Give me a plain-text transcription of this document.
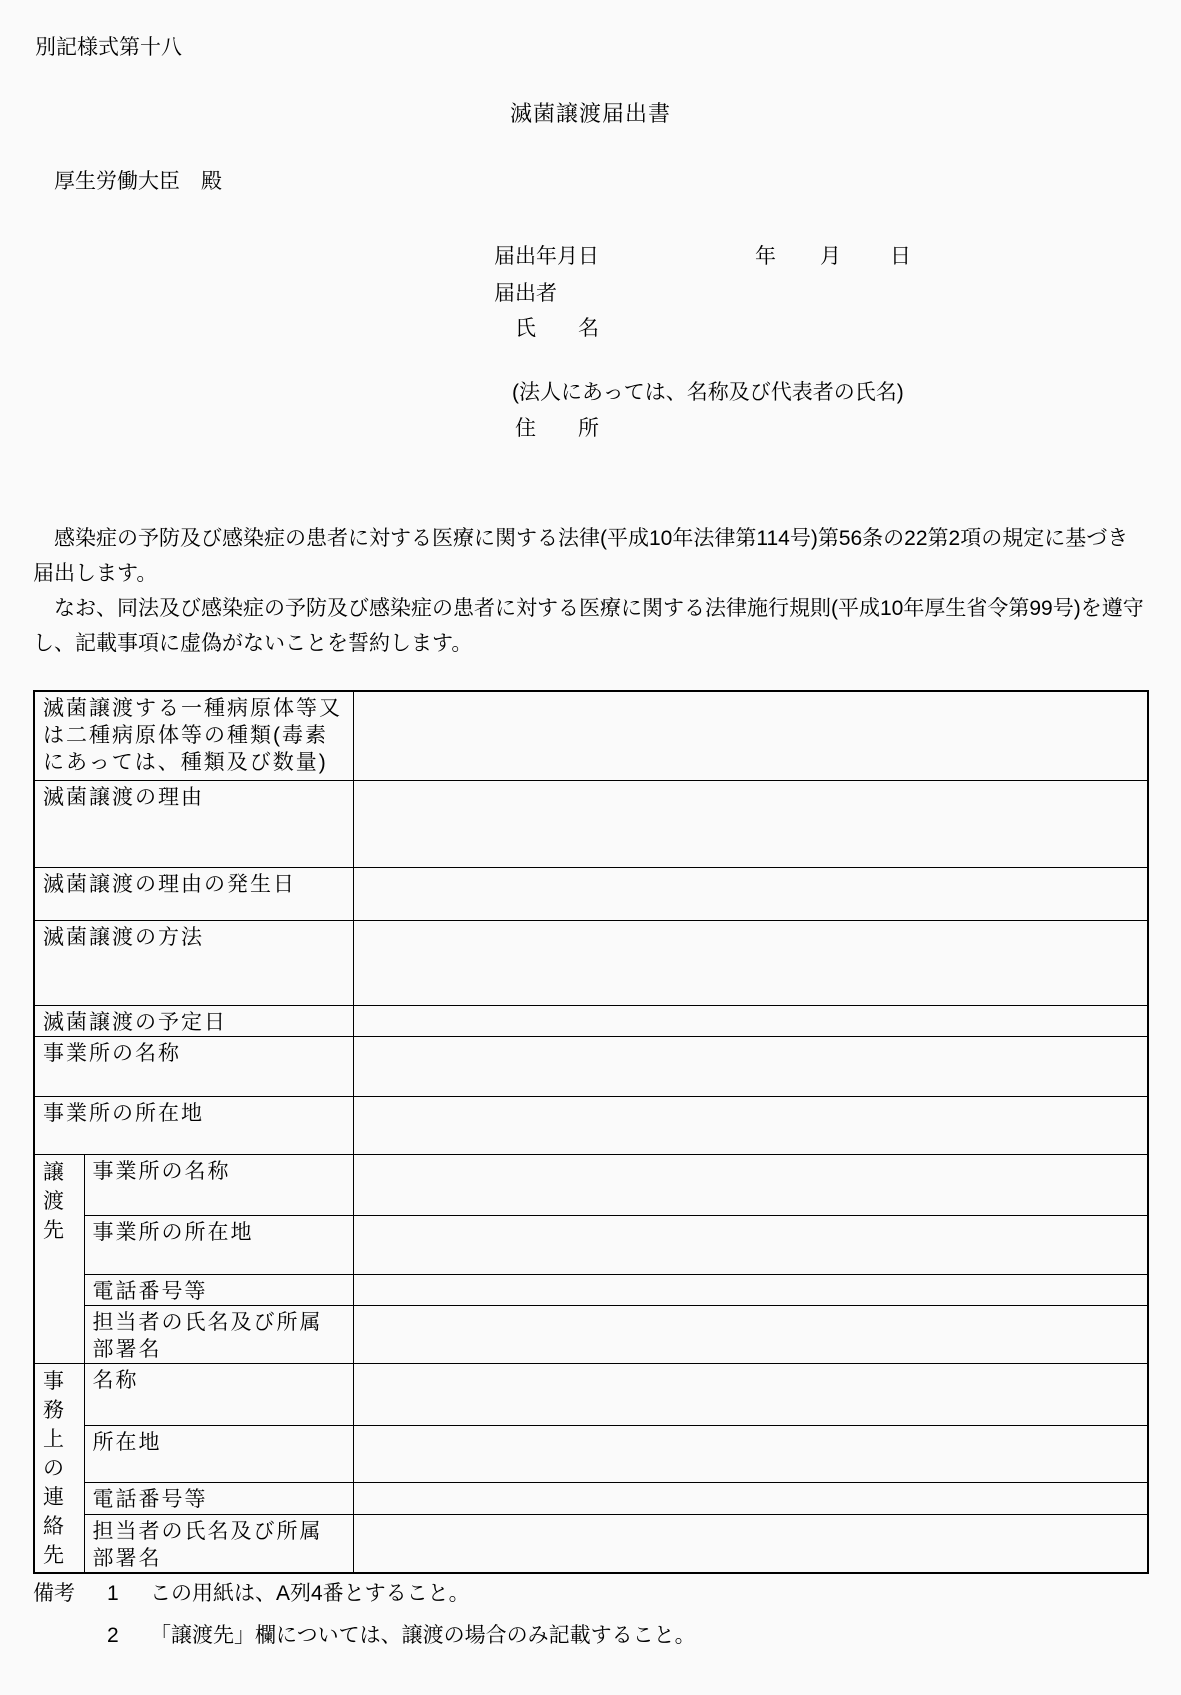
別記様式第十八
滅菌譲渡届出書
厚生労働大臣　殿
届出年月日	年 月 日
届出者
氏　　名
(法人にあっては、名称及び代表者の氏名)
住　　所

感染症の予防及び感染症の患者に対する医療に関する法律(平成10年法律第114号)第56条の22第2項の規定に基づき届出します。

なお、同法及び感染症の予防及び感染症の患者に対する医療に関する法律施行規則(平成10年厚生省令第99号)を遵守し、記載事項に虚偽がないことを誓約します。

滅菌譲渡する一種病原体等又は二種病原体等の種類(毒素にあっては、種類及び数量)		
滅菌譲渡の理由		
滅菌譲渡の理由の発生日		
滅菌譲渡の方法		
滅菌譲渡の予定日		
事業所の名称		
事業所の所在地		

譲渡先	事業所の名称	
	事業所の所在地	
	電話番号等	
	担当者の氏名及び所属部署名	

事務上の連絡先	名称	
	所在地	
	電話番号等	
	担当者の氏名及び所属部署名	
備考	1	この用紙は、A列4番とすること。
2	「譲渡先」欄については、譲渡の場合のみ記載すること。
